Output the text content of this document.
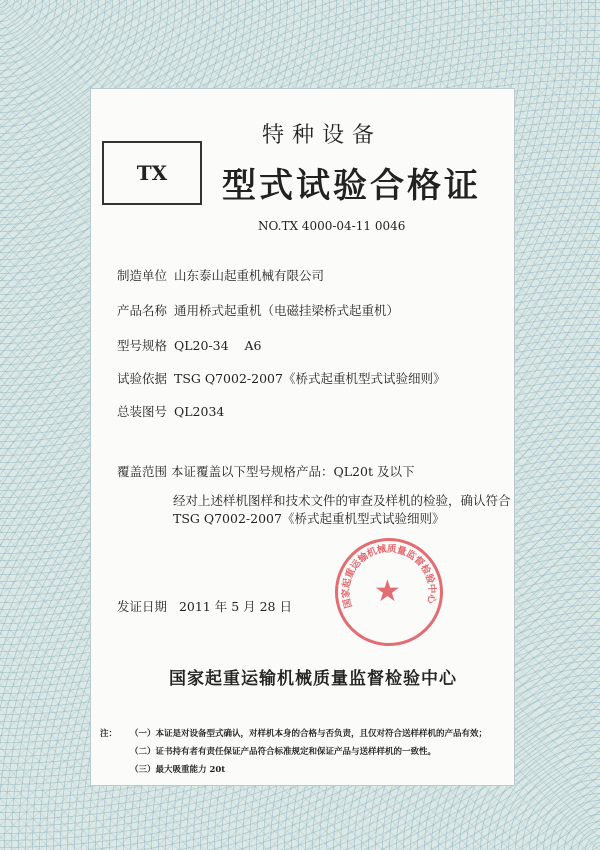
TX
特种设备
型式试验合格证
NO.TX 4000-04-11 0046
制造单位 山东泰山起重机械有限公司
产品名称 通用桥式起重机（电磁挂梁桥式起重机）
型号规格 QL20-34    A6
试验依据 TSG Q7002-2007《桥式起重机型式试验细则》
总装图号 QL2034
覆盖范围 本证覆盖以下型号规格产品：QL20t 及以下
经对上述样机图样和技术文件的审查及样机的检验，确认符合
TSG Q7002-2007《桥式起重机型式试验细则》
国家起重运输机械质量监督检验中心
★
发证日期 2011 年 5 月 28 日
国家起重运输机械质量监督检验中心
注： （一）本证是对设备型式确认，对样机本身的合格与否负责，且仅对符合送样样机的产品有效；
（二）证书持有者有责任保证产品符合标准规定和保证产品与送样样机的一致性。
（三）最大吸重能力 20t
